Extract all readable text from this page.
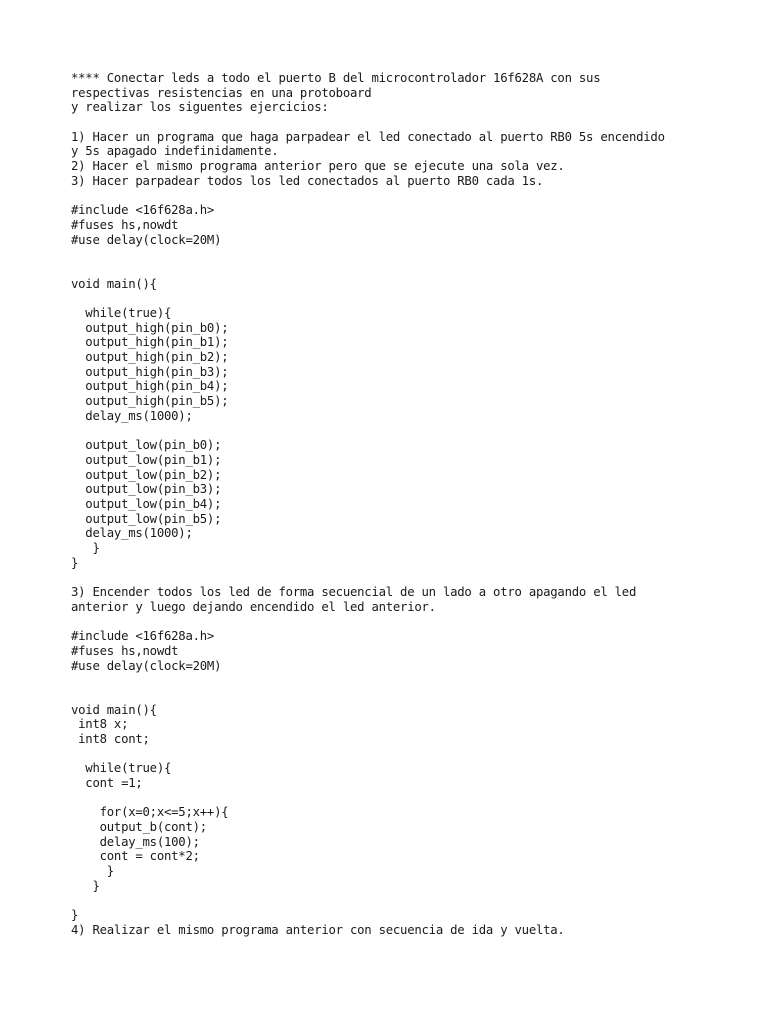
**** Conectar leds a todo el puerto B del microcontrolador 16f628A con sus
respectivas resistencias en una protoboard
y realizar los siguentes ejercicios:
1) Hacer un programa que haga parpadear el led conectado al puerto RB0 5s encendido
y 5s apagado indefinidamente.
2) Hacer el mismo programa anterior pero que se ejecute una sola vez.
3) Hacer parpadear todos los led conectados al puerto RB0 cada 1s.
#include <16f628a.h>
#fuses hs,nowdt
#use delay(clock=20M)
void main(){
while(true){
output_high(pin_b0);
output_high(pin_b1);
output_high(pin_b2);
output_high(pin_b3);
output_high(pin_b4);
output_high(pin_b5);
delay_ms(1000);
output_low(pin_b0);
output_low(pin_b1);
output_low(pin_b2);
output_low(pin_b3);
output_low(pin_b4);
output_low(pin_b5);
delay_ms(1000);
}
}
3) Encender todos los led de forma secuencial de un lado a otro apagando el led
anterior y luego dejando encendido el led anterior.
#include <16f628a.h>
#fuses hs,nowdt
#use delay(clock=20M)
void main(){
int8 x;
int8 cont;
while(true){
cont =1;
for(x=0;x<=5;x++){
output_b(cont);
delay_ms(100);
cont = cont*2;
}
}
}
4) Realizar el mismo programa anterior con secuencia de ida y vuelta.
